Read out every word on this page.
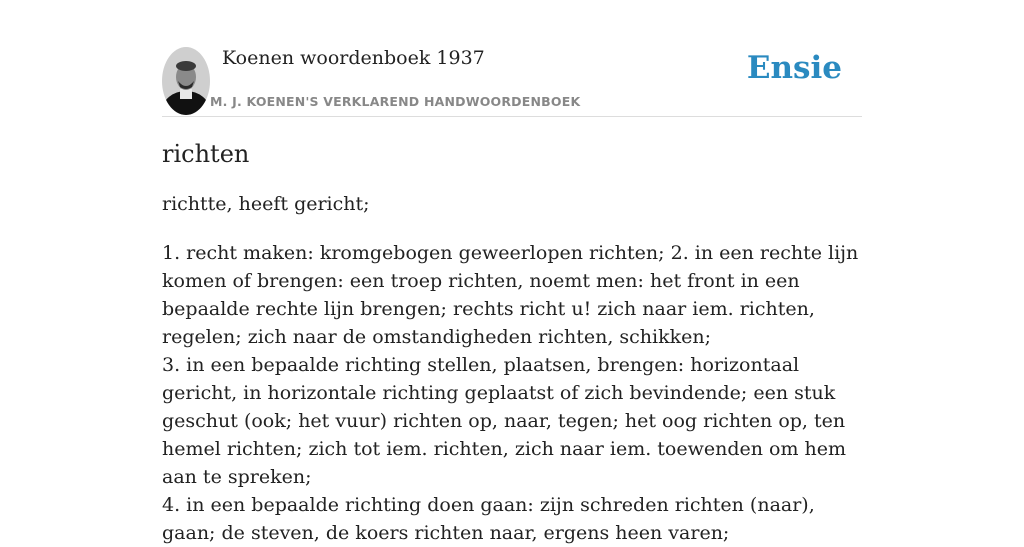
Koenen woordenboek 1937
M. J. KOENEN'S VERKLAREND HANDWOORDENBOEK
Ensie
richten
richtte, heeft gericht;

1. recht maken: kromgebogen geweerlopen richten; 2. in een rechte lijn komen of brengen: een troep richten, noemt men: het front in een bepaalde rechte lijn brengen; rechts richt u! zich naar iem. richten, regelen; zich naar de omstandigheden richten, schikken;

3. in een bepaalde richting stellen, plaatsen, brengen: horizontaal gericht, in horizontale richting geplaatst of zich bevindende; een stuk geschut (ook; het vuur) richten op, naar, tegen; het oog richten op, ten hemel richten; zich tot iem. richten, zich naar iem. toewenden om hem aan te spreken;

4. in een bepaalde richting doen gaan: zijn schreden richten (naar), gaan; de steven, de koers richten naar, ergens heen varen;
